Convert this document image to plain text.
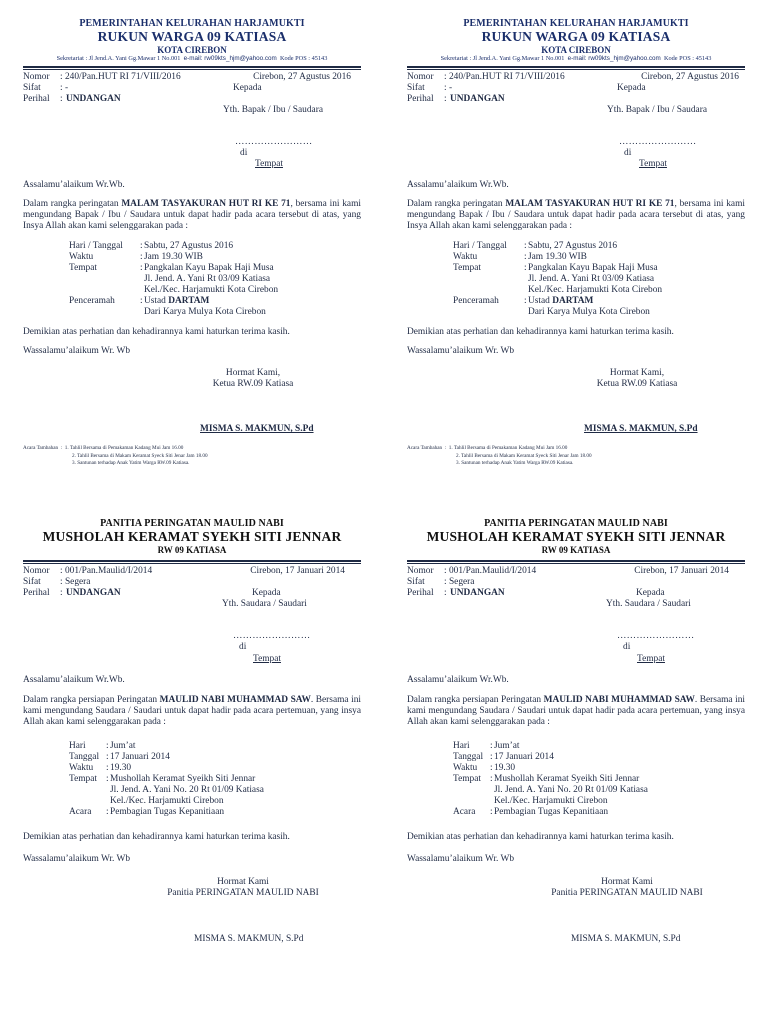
PEMERINTAHAN KELURAHAN HARJAMUKTI
RUKUN WARGA 09 KATIASA
KOTA CIREBON
Sekretariat : Jl Jend.A. Yani Gg.Mawar 1 No.001 e-mail: rw09kts_hjm@yahoo.com Kode POS : 45143
Nomor : 240/Pan.HUT RI 71/VIII/2016	Cirebon, 27 Agustus 2016
Sifat : -	Kepada
Perihal : UNDANGAN
Yth. Bapak / Ibu / Saudara
……………………
di
Tempat
Assalamu’alaikum Wr.Wb.
Dalam rangka peringatan MALAM TASYAKURAN HUT RI KE 71, bersama ini kami mengundang Bapak / Ibu / Saudara untuk dapat hadir pada acara tersebut di atas, yang Insya Allah akan kami selenggarakan pada :
Hari / Tanggal : Sabtu, 27 Agustus 2016
Waktu	: Jam 19.30 WIB
Tempat	: Pangkalan Kayu Bapak Haji Musa
Jl. Jend. A. Yani Rt 03/09 Katiasa
Kel./Kec. Harjamukti Kota Cirebon
Penceramah	: Ustad DARTAM
Dari Karya Mulya Kota Cirebon
Demikian atas perhatian dan kehadirannya kami haturkan terima kasih.
Wassalamu’alaikum Wr. Wb
Hormat Kami,
Ketua RW.09 Katiasa
MISMA S. MAKMUN, S.Pd
Acara Tambahan  :  1. Tahlil Bersama di Pemakaman Kadang Mui Jam 16.00
2. Tahlil Bersama di Makam Keramat Syeck Siti Jenar Jam 18.00
3. Santunan terhadap Anak Yatim Warga RW.09 Katiasa.
PEMERINTAHAN KELURAHAN HARJAMUKTI
RUKUN WARGA 09 KATIASA
KOTA CIREBON
Sekretariat : Jl Jend.A. Yani Gg.Mawar 1 No.001 e-mail: rw09kts_hjm@yahoo.com Kode POS : 45143
Nomor : 240/Pan.HUT RI 71/VIII/2016	Cirebon, 27 Agustus 2016
Sifat : -	Kepada
Perihal : UNDANGAN
Yth. Bapak / Ibu / Saudara
……………………
di
Tempat
Assalamu’alaikum Wr.Wb.
Dalam rangka peringatan MALAM TASYAKURAN HUT RI KE 71, bersama ini kami mengundang Bapak / Ibu / Saudara untuk dapat hadir pada acara tersebut di atas, yang Insya Allah akan kami selenggarakan pada :
Hari / Tanggal : Sabtu, 27 Agustus 2016
Waktu	: Jam 19.30 WIB
Tempat	: Pangkalan Kayu Bapak Haji Musa
Jl. Jend. A. Yani Rt 03/09 Katiasa
Kel./Kec. Harjamukti Kota Cirebon
Penceramah	: Ustad DARTAM
Dari Karya Mulya Kota Cirebon
Demikian atas perhatian dan kehadirannya kami haturkan terima kasih.
Wassalamu’alaikum Wr. Wb
Hormat Kami,
Ketua RW.09 Katiasa
MISMA S. MAKMUN, S.Pd
Acara Tambahan  :  1. Tahlil Bersama di Pemakaman Kadang Mui Jam 16.00
2. Tahlil Bersama di Makam Keramat Syeck Siti Jenar Jam 18.00
3. Santunan terhadap Anak Yatim Warga RW.09 Katiasa.
PANITIA PERINGATAN MAULID NABI
MUSHOLAH KERAMAT SYEKH SITI JENNAR
RW 09 KATIASA
Nomor : 001/Pan.Maulid/I/2014	Cirebon, 17 Januari 2014
Sifat : Segera
Perihal : UNDANGAN	Kepada
Yth. Saudara / Saudari
……………………
di
Tempat
Assalamu’alaikum Wr.Wb.
Dalam rangka persiapan Peringatan MAULID NABI MUHAMMAD SAW. Bersama ini kami mengundang Saudara / Saudari untuk dapat hadir pada acara pertemuan, yang insya Allah akan kami selenggarakan pada :
Hari : Jum’at
Tanggal : 17 Januari 2014
Waktu : 19.30
Tempat : Mushollah Keramat Syeikh Siti Jennar
Jl. Jend. A. Yani No. 20 Rt 01/09 Katiasa
Kel./Kec. Harjamukti Cirebon
Acara : Pembagian Tugas Kepanitiaan
Demikian atas perhatian dan kehadirannya kami haturkan terima kasih.
Wassalamu’alaikum Wr. Wb
Hormat Kami
Panitia PERINGATAN MAULID NABI
MISMA S. MAKMUN, S.Pd
PANITIA PERINGATAN MAULID NABI
MUSHOLAH KERAMAT SYEKH SITI JENNAR
RW 09 KATIASA
Nomor : 001/Pan.Maulid/I/2014	Cirebon, 17 Januari 2014
Sifat : Segera
Perihal : UNDANGAN	Kepada
Yth. Saudara / Saudari
……………………
di
Tempat
Assalamu’alaikum Wr.Wb.
Dalam rangka persiapan Peringatan MAULID NABI MUHAMMAD SAW. Bersama ini kami mengundang Saudara / Saudari untuk dapat hadir pada acara pertemuan, yang insya Allah akan kami selenggarakan pada :
Hari : Jum’at
Tanggal : 17 Januari 2014
Waktu : 19.30
Tempat : Mushollah Keramat Syeikh Siti Jennar
Jl. Jend. A. Yani No. 20 Rt 01/09 Katiasa
Kel./Kec. Harjamukti Cirebon
Acara : Pembagian Tugas Kepanitiaan
Demikian atas perhatian dan kehadirannya kami haturkan terima kasih.
Wassalamu’alaikum Wr. Wb
Hormat Kami
Panitia PERINGATAN MAULID NABI
MISMA S. MAKMUN, S.Pd
